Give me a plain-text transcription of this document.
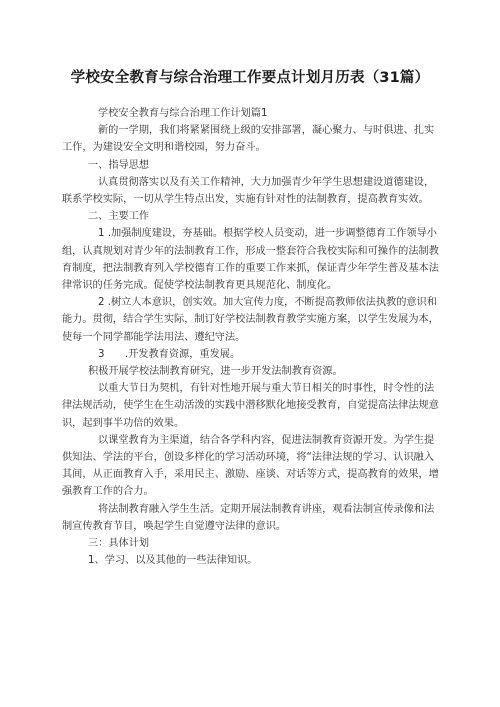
学校安全教育与综合治理工作要点计划月历表（31篇）

学校安全教育与综合治理工作计划篇1

新的一学期，我们将紧紧围绕上级的安排部署，凝心聚力、与时俱进、扎实工作，为建设安全文明和谐校园，努力奋斗。

一、指导思想

认真贯彻落实以及有关工作精神，大力加强青少年学生思想建设道德建设，联系学校实际，一切从学生特点出发，实施有针对性的法制教育，提高教育实效。

二、主要工作

1 .加强制度建设，夯基础。根据学校人员变动，进一步调整德育工作领导小组，认真规划对青少年的法制教育工作，形成一整套符合我校实际和可操作的法制教育制度，把法制教育列入学校德育工作的重要工作来抓，保证青少年学生普及基本法律常识的任务完成。促使学校法制教育更具规范化、制度化。

2 .树立人本意识，创实效。加大宣传力度，不断提高教师依法执教的意识和能力。贯彻，结合学生实际，制订好学校法制教育教学实施方案，以学生发展为本，使每一个同学都能学法用法、遵纪守法。

3　　.开发教育资源，重发展。

积极开展学校法制教育研究，进一步开发法制教育资源。

以重大节日为契机，有针对性地开展与重大节日相关的时事性，时令性的法律法规活动，使学生在生动活泼的实践中潜移默化地接受教育，自觉提高法律法规意识，起到事半功倍的效果。

以课堂教育为主渠道，结合各学科内容，促进法制教育资源开发。为学生提供知法、学法的平台，创设多样化的学习活动环境，将“法律法规的学习、认识融入其间，从正面教育入手，采用民主、激励、座谈、对话等方式，提高教育的效果，增强教育工作的合力。

将法制教育融入学生生活。定期开展法制教育讲座，观看法制宣传录像和法制宣传教育节目，唤起学生自觉遵守法律的意识。

三：具体计划

1、学习、以及其他的一些法律知识。
